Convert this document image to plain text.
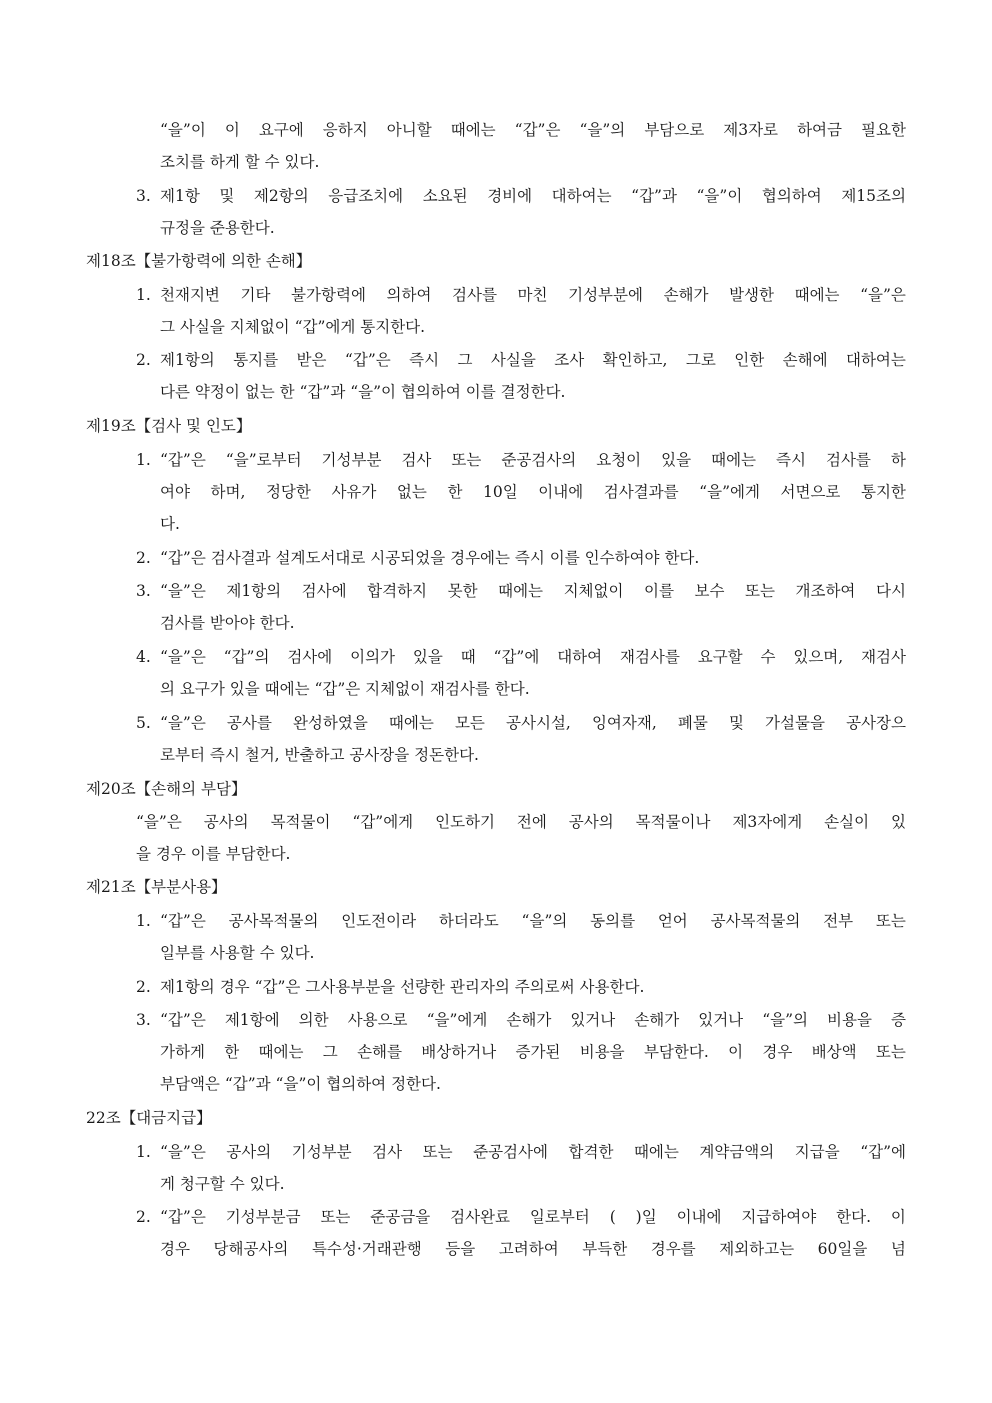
“을”이 이 요구에 응하지 아니할 때에는 “갑”은 “을”의 부담으로 제3자로 하여금 필요한
조치를 하게 할 수 있다.
3. 제1항 및 제2항의 응급조치에 소요된 경비에 대하여는 “갑”과 “을”이 협의하여 제15조의
규정을 준용한다.
제18조【불가항력에 의한 손해】
1. 천재지변 기타 불가항력에 의하여 검사를 마친 기성부분에 손해가 발생한 때에는 “을”은
그 사실을 지체없이 “갑”에게 통지한다.
2. 제1항의 통지를 받은 “갑”은 즉시 그 사실을 조사 확인하고, 그로 인한 손해에 대하여는
다른 약정이 없는 한 “갑”과 “을”이 협의하여 이를 결정한다.
제19조【검사 및 인도】
1. “갑”은 “을”로부터 기성부분 검사 또는 준공검사의 요청이 있을 때에는 즉시 검사를 하
여야 하며, 정당한 사유가 없는 한 10일 이내에 검사결과를 “을”에게 서면으로 통지한
다.
2. “갑”은 검사결과 설계도서대로 시공되었을 경우에는 즉시 이를 인수하여야 한다.
3. “을”은 제1항의 검사에 합격하지 못한 때에는 지체없이 이를 보수 또는 개조하여 다시
검사를 받아야 한다.
4. “을”은 “갑”의 검사에 이의가 있을 때 “갑”에 대하여 재검사를 요구할 수 있으며, 재검사
의 요구가 있을 때에는 “갑”은 지체없이 재검사를 한다.
5. “을”은 공사를 완성하였을 때에는 모든 공사시설, 잉여자재, 폐물 및 가설물을 공사장으
로부터 즉시 철거, 반출하고 공사장을 정돈한다.
제20조【손해의 부담】
“을”은 공사의 목적물이 “갑”에게 인도하기 전에 공사의 목적물이나 제3자에게 손실이 있
을 경우 이를 부담한다.
제21조【부분사용】
1. “갑”은 공사목적물의 인도전이라 하더라도 “을”의 동의를 얻어 공사목적물의 전부 또는
일부를 사용할 수 있다.
2. 제1항의 경우 “갑”은 그사용부분을 선량한 관리자의 주의로써 사용한다.
3. “갑”은 제1항에 의한 사용으로 “을”에게 손해가 있거나 손해가 있거나 “을”의 비용을 증
가하게 한 때에는 그 손해를 배상하거나 증가된 비용을 부담한다. 이 경우 배상액 또는
부담액은 “갑”과 “을”이 협의하여 정한다.
22조【대금지급】
1. “을”은 공사의 기성부분 검사 또는 준공검사에 합격한 때에는 계약금액의 지급을 “갑”에
게 청구할 수 있다.
2. “갑”은 기성부분금 또는 준공금을 검사완료 일로부터 ( )일 이내에 지급하여야 한다. 이
경우 당해공사의 특수성·거래관행 등을 고려하여 부득한 경우를 제외하고는 60일을 넘
